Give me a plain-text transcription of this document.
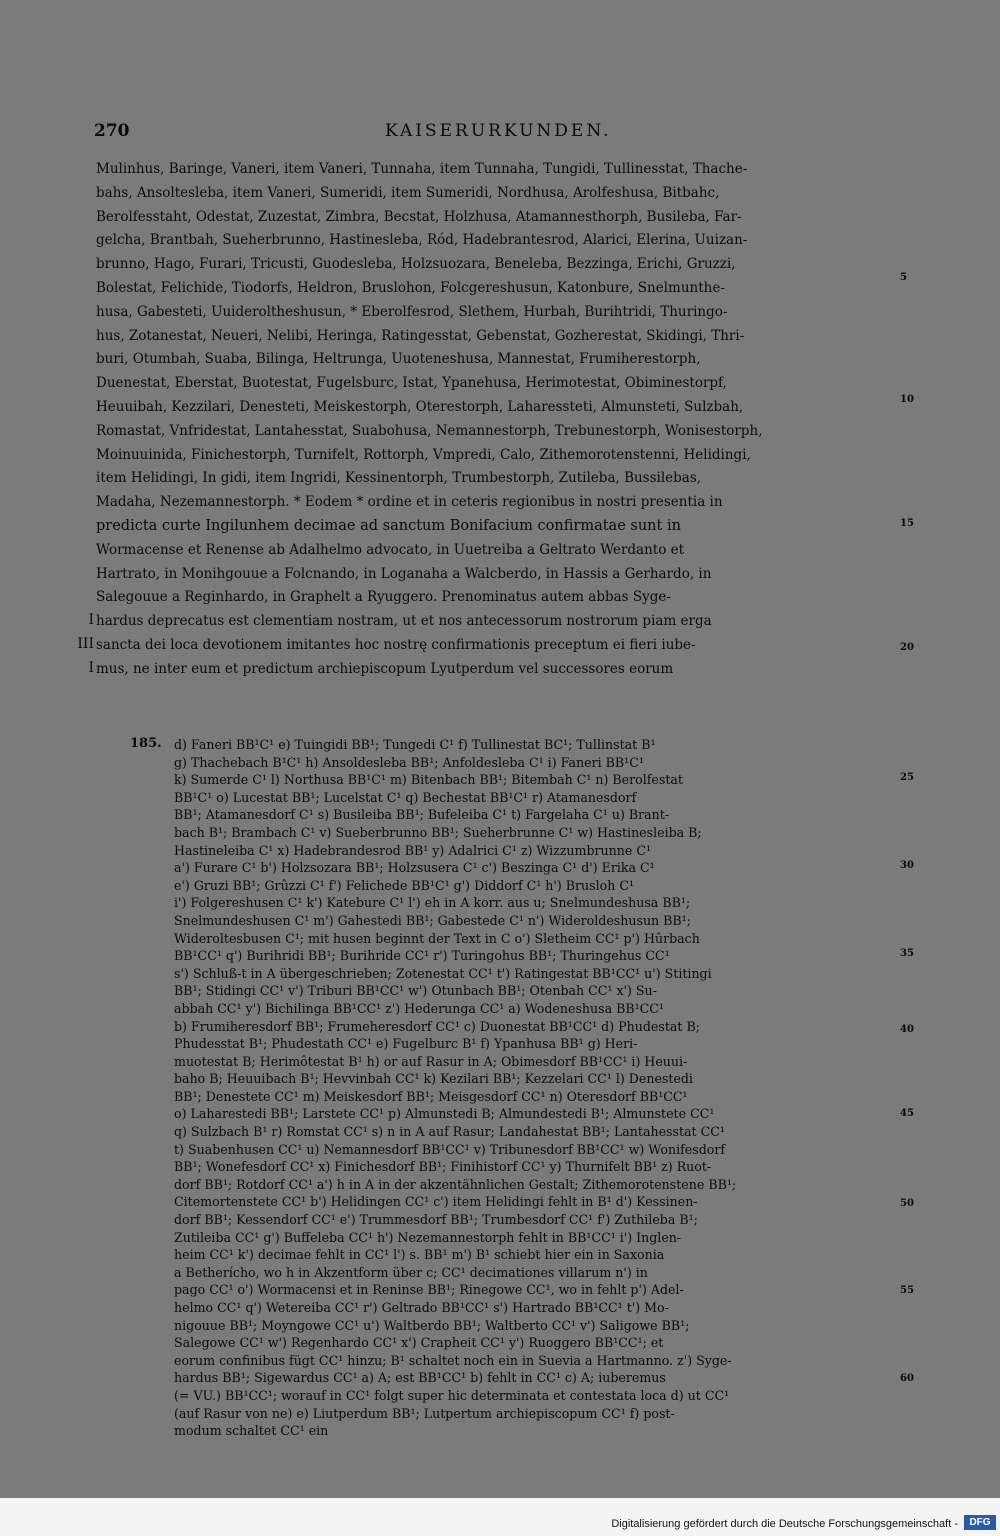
270	KAISERURKUNDEN.
Mulinhus, Baringe, Vaneri, item Vaneri, Tunnaha, item Tunnaha, Tungidi, Tullinesstat, Thache-
bahs, Ansoltesleba, item Vaneri, Sumeridi, item Sumeridi, Nordhusa, Arolfeshusa, Bitbahc,
Berolfesstaht, Odestat, Zuzestat, Zimbra, Becstat, Holzhusa, Atamannesthorph, Busileba, Far-
gelcha, Brantbah, Sueherbrunno, Hastinesleba, Ród, Hadebrantesrod, Alarici, Elerina, Uuizan-
brunno, Hago, Furari, Tricusti, Guodesleba, Holzsuozara, Beneleba, Bezzinga, Erichi, Gruzzi,
Bolestat, Felichide, Tiodorfs, Heldron, Bruslohon, Folcgereshusun, Katonbure, Snelmunthe-
husa, Gabesteti, Uuideroltheshusun, * Eberolfesrod, Slethem, Hurbah, Burihtridi, Thuringo-
hus, Zotanestat, Neueri, Nelibi, Heringa, Ratingesstat, Gebenstat, Gozherestat, Skidingi, Thri-
buri, Otumbah, Suaba, Bilinga, Heltrunga, Uuoteneshusa, Mannestat, Frumiherestorph,
Duenestat, Eberstat, Buotestat, Fugelsburc, Istat, Ypanehusa, Herimotestat, Obiminestorpf,
Heuuibah, Kezzilari, Denesteti, Meiskestorph, Oterestorph, Laharessteti, Almunsteti, Sulzbah,
Romastat, Vnfridestat, Lantahesstat, Suabohusa, Nemannestorph, Trebunestorph, Wonisestorph,
Moinuuinida, Finichestorph, Turnifelt, Rottorph, Vmpredi, Calo, Zithemorotenstenni, Helidingi,
item Helidingi, In gidi, item Ingridi, Kessinentorph, Trumbestorph, Zutileba, Bussilebas,
Madaha, Nezemannestorph. * Eodem * ordine et in ceteris regionibus in nostri presentia in
predicta curte Ingilunhem decimae ad sanctum Bonifacium confirmatae sunt in
Wormacense et Renense ab Adalhelmo advocato, in Uuetreiba a Geltrato Werdanto et
Hartrato, in Monihgouue a Folcnando, in Loganaha a Walcberdo, in Hassis a Gerhardo, in
Salegouue a Reginhardo, in Graphelt a Ryuggero. Prenominatus autem abbas Syge-
hardus deprecatus est clementiam nostram, ut et nos antecessorum nostrorum piam erga
sancta dei loca devotionem imitantes hoc nostrę confirmationis preceptum ei fieri iube-
mus, ne inter eum et predictum archiepiscopum Lyutperdum vel successores eorum
I
III
I
5
10
15
20
25
30
35
40
45
50
55
60
185. d) Faneri BB¹C¹ e) Tuingidi BB¹; Tungedi C¹ f) Tullinestat BC¹; Tullinstat B¹
g) Thachebach B¹C¹ h) Ansoldesleba BB¹; Anfoldesleba C¹ i) Faneri BB¹C¹
k) Sumerde C¹ l) Northusa BB¹C¹ m) Bitenbach BB¹; Bitembah C¹ n) Berolfestat
BB¹C¹ o) Lucestat BB¹; Lucelstat C¹ q) Bechestat BB¹C¹ r) Atamanesdorf
BB¹; Atamanesdorf C¹ s) Busileiba BB¹; Bufeleiba C¹ t) Fargelaha C¹ u) Brant-
bach B¹; Brambach C¹ v) Sueberbrunno BB¹; Sueherbrunne C¹ w) Hastinesleiba B;
Hastineleiba C¹ x) Hadebrandesrod BB¹ y) Adalrici C¹ z) Wizzumbrunne C¹
a') Furare C¹ b') Holzsozara BB¹; Holzsusera C¹ c') Beszinga C¹ d') Erika C¹
e') Gruzi BB¹; Grûzzi C¹ f') Felichede BB¹C¹ g') Diddorf C¹ h') Brusloh C¹
i') Folgereshusen C¹ k') Katebure C¹ l') eh in A korr. aus u; Snelmundeshusa BB¹;
Snelmundeshusen C¹ m') Gahestedi BB¹; Gabestede C¹ n') Wideroldeshusun BB¹;
Wideroltesbusen C¹; mit husen beginnt der Text in C o') Sletheim CC¹ p') Hûrbach
BB¹CC¹ q') Burihridi BB¹; Burihride CC¹ r') Turingohus BB¹; Thuringehus CC¹
s') Schluß-t in A übergeschrieben; Zotenestat CC¹ t') Ratingestat BB¹CC¹ u') Stitingi
BB¹; Stidingi CC¹ v') Triburi BB¹CC¹ w') Otunbach BB¹; Otenbah CC¹ x') Su-
abbah CC¹ y') Bichilinga BB¹CC¹ z') Hederunga CC¹ a) Wodeneshusa BB¹CC¹
b) Frumiheresdorf BB¹; Frumeheresdorf CC¹ c) Duonestat BB¹CC¹ d) Phudestat B;
Phudesstat B¹; Phudestath CC¹ e) Fugelburc B¹ f) Ypanhusa BB¹ g) Heri-
muotestat B; Herimôtestat B¹ h) or auf Rasur in A; Obimesdorf BB¹CC¹ i) Heuui-
baho B; Heuuibach B¹; Hevvinbah CC¹ k) Kezilari BB¹; Kezzelari CC¹ l) Denestedi
BB¹; Denestete CC¹ m) Meiskesdorf BB¹; Meisgesdorf CC¹ n) Oteresdorf BB¹CC¹
o) Laharestedi BB¹; Larstete CC¹ p) Almunstedi B; Almundestedi B¹; Almunstete CC¹
q) Sulzbach B¹ r) Romstat CC¹ s) n in A auf Rasur; Landahestat BB¹; Lantahesstat CC¹
t) Suabenhusen CC¹ u) Nemannesdorf BB¹CC¹ v) Tribunesdorf BB¹CC¹ w) Wonifesdorf
BB¹; Wonefesdorf CC¹ x) Finichesdorf BB¹; Finihistorf CC¹ y) Thurnifelt BB¹ z) Ruot-
dorf BB¹; Rotdorf CC¹ a') h in A in der akzentähnlichen Gestalt; Zithemorotenstene BB¹;
Citemortenstete CC¹ b') Helidingen CC¹ c') item Helidingi fehlt in B¹ d') Kessinen-
dorf BB¹; Kessendorf CC¹ e') Trummesdorf BB¹; Trumbesdorf CC¹ f') Zuthileba B¹;
Zutileiba CC¹ g') Buffeleba CC¹ h') Nezemannestorph fehlt in BB¹CC¹ i') Inglen-
heim CC¹ k') decimae fehlt in CC¹ l') s. BB¹ m') B¹ schiebt hier ein in Saxonia
a Betherícho, wo h in Akzentform über c; CC¹ decimationes villarum n') in
pago CC¹ o') Wormacensi et in Reninse BB¹; Rinegowe CC¹, wo in fehlt p') Adel-
helmo CC¹ q') Wetereiba CC¹ r') Geltrado BB¹CC¹ s') Hartrado BB¹CC¹ t') Mo-
nigouue BB¹; Moyngowe CC¹ u') Waltberdo BB¹; Waltberto CC¹ v') Saligowe BB¹;
Salegowe CC¹ w') Regenhardo CC¹ x') Crapheit CC¹ y') Ruoggero BB¹CC¹; et
eorum confinibus fügt CC¹ hinzu; B¹ schaltet noch ein in Suevia a Hartmanno. z') Syge-
hardus BB¹; Sigewardus CC¹ a) A; est BB¹CC¹ b) fehlt in CC¹ c) A; iuberemus
(= VU.) BB¹CC¹; worauf in CC¹ folgt super hic determinata et contestata loca d) ut CC¹
(auf Rasur von ne) e) Liutperdum BB¹; Lutpertum archiepiscopum CC¹ f) post-
modum schaltet CC¹ ein
Digitalisierung gefördert durch die Deutsche Forschungsgemeinschaft -	DFG
